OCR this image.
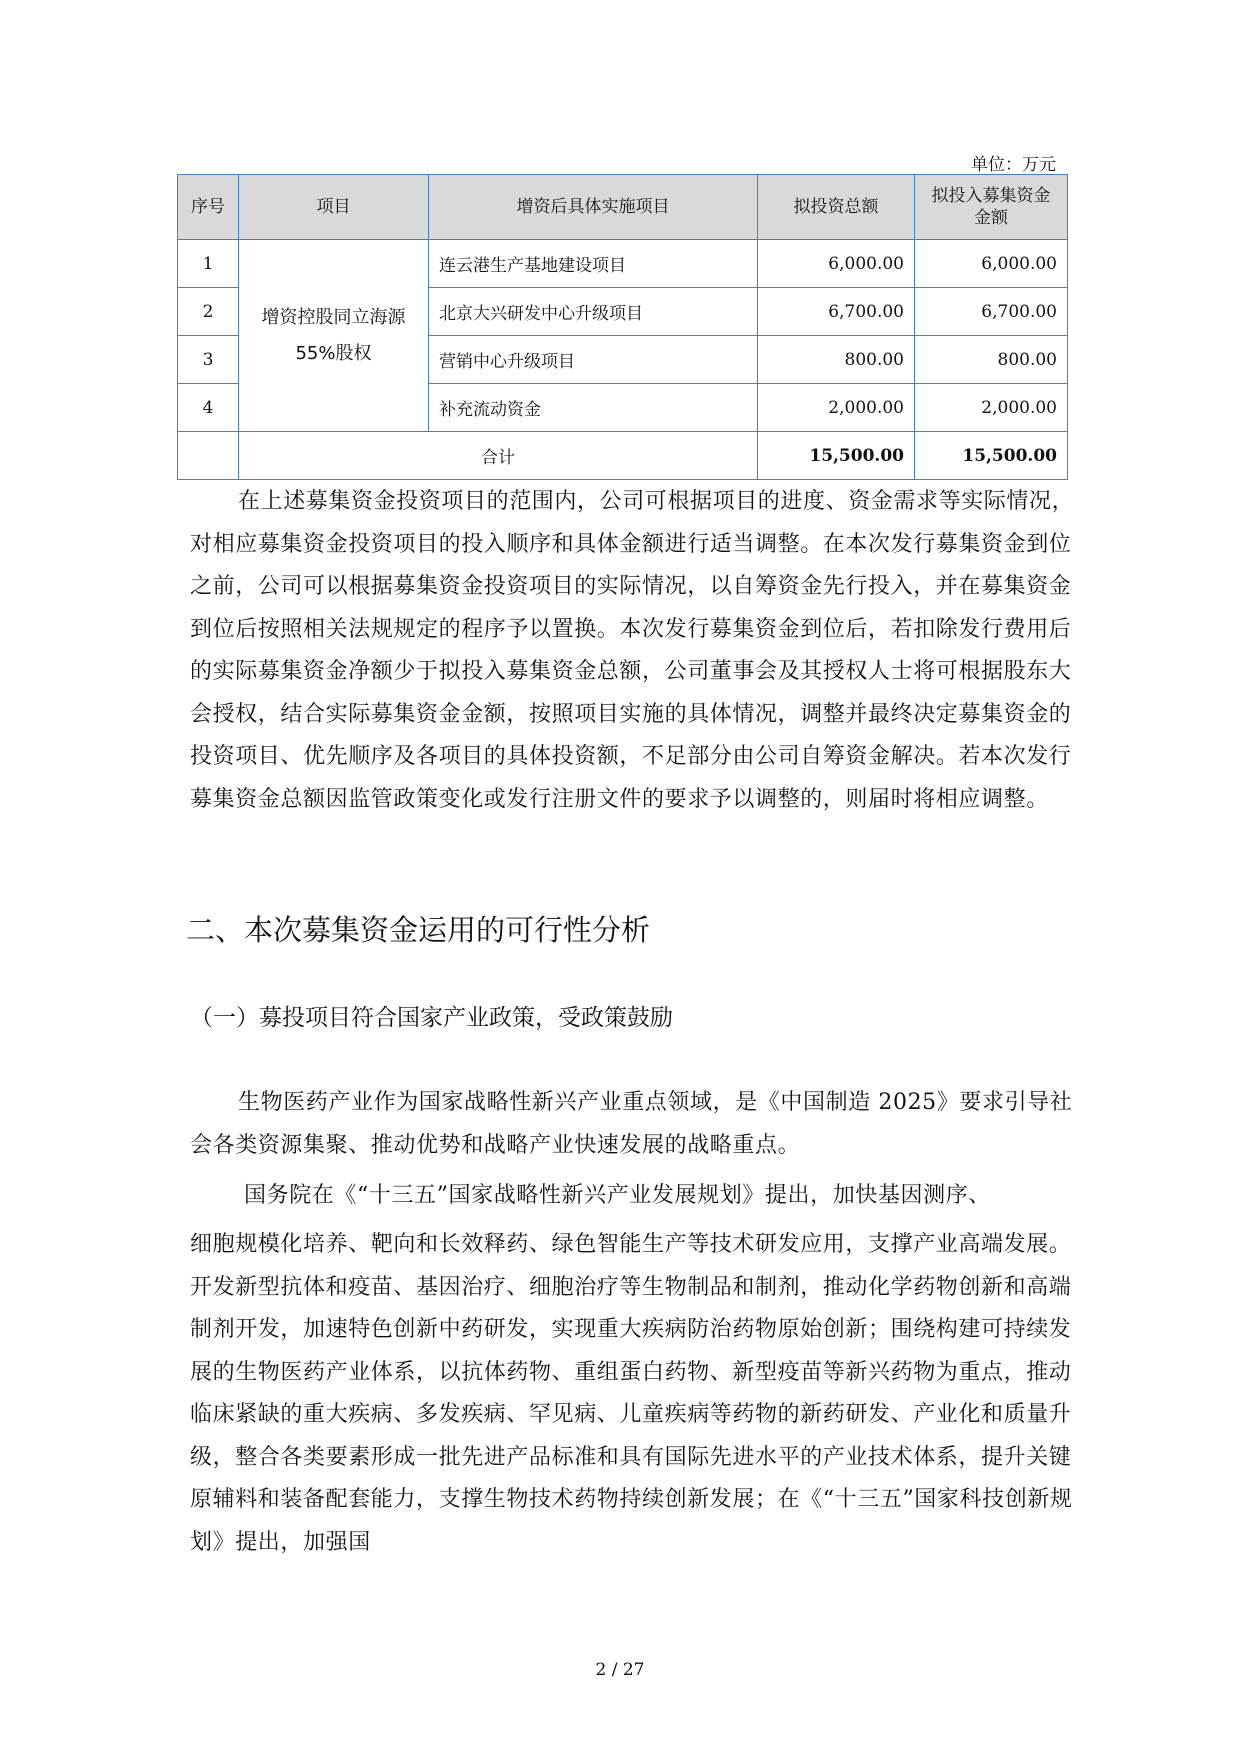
单位：万元
序号	项目	增资后具体实施项目	拟投资总额	拟投入募集资金金额
1	增资控股同立海源55%股权	连云港生产基地建设项目	6,000.00	6,000.00
2		北京大兴研发中心升级项目	6,700.00	6,700.00
3		营销中心升级项目	800.00	800.00
4		补充流动资金	2,000.00	2,000.00
	合计		15,500.00	15,500.00

在上述募集资金投资项目的范围内，公司可根据项目的进度、资金需求等实际情况，对相应募集资金投资项目的投入顺序和具体金额进行适当调整。在本次发行募集资金到位之前，公司可以根据募集资金投资项目的实际情况，以自筹资金先行投入，并在募集资金到位后按照相关法规规定的程序予以置换。本次发行募集资金到位后，若扣除发行费用后的实际募集资金净额少于拟投入募集资金总额，公司董事会及其授权人士将可根据股东大会授权，结合实际募集资金金额，按照项目实施的具体情况，调整并最终决定募集资金的投资项目、优先顺序及各项目的具体投资额，不足部分由公司自筹资金解决。若本次发行募集资金总额因监管政策变化或发行注册文件的要求予以调整的，则届时将相应调整。

二、本次募集资金运用的可行性分析
（一）募投项目符合国家产业政策，受政策鼓励

生物医药产业作为国家战略性新兴产业重点领域，是《中国制造 2025》要求引导社会各类资源集聚、推动优势和战略产业快速发展的战略重点。

国务院在《“十三五”国家战略性新兴产业发展规划》提出，加快基因测序、

细胞规模化培养、靶向和长效释药、绿色智能生产等技术研发应用，支撑产业高端发展。开发新型抗体和疫苗、基因治疗、细胞治疗等生物制品和制剂，推动化学药物创新和高端制剂开发，加速特色创新中药研发，实现重大疾病防治药物原始创新；围绕构建可持续发展的生物医药产业体系，以抗体药物、重组蛋白药物、新型疫苗等新兴药物为重点，推动临床紧缺的重大疾病、多发疾病、罕见病、儿童疾病等药物的新药研发、产业化和质量升级，整合各类要素形成一批先进产品标准和具有国际先进水平的产业技术体系，提升关键原辅料和装备配套能力，支撑生物技术药物持续创新发展；在《“十三五”国家科技创新规划》提出，加强国

2 / 27
